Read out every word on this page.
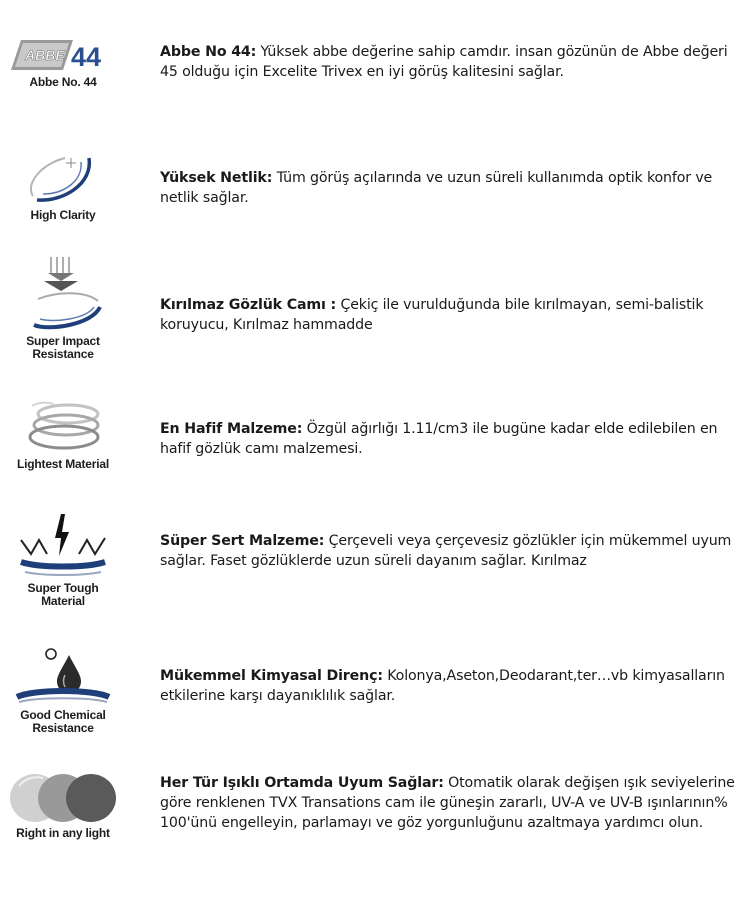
ABBE 44
Abbe No. 44
Abbe No 44: Yüksek abbe değerine sahip camdır. insan gözünün de Abbe değeri 45 olduğu için Excelite Trivex en iyi görüş kalitesini sağlar.
High Clarity
Yüksek Netlik: Tüm görüş açılarında ve uzun süreli kullanımda optik konfor ve netlik sağlar.
Super Impact
Resistance
Kırılmaz Gözlük Camı : Çekiç ile vurulduğunda bile kırılmayan, semi-balistik koruyucu, Kırılmaz hammadde
Lightest Material
En Hafif Malzeme: Özgül ağırlığı 1.11/cm3 ile bugüne kadar elde edilebilen en hafif gözlük camı malzemesi.
Super Tough
Material
Süper Sert Malzeme: Çerçeveli veya çerçevesiz gözlükler için mükemmel uyum sağlar. Faset gözlüklerde uzun süreli dayanım sağlar. Kırılmaz
Good Chemical
Resistance
Mükemmel Kimyasal Direnç: Kolonya,Aseton,Deodarant,ter…vb kimyasalların etkilerine karşı dayanıklılık sağlar.
Right in any light
Her Tür Işıklı Ortamda Uyum Sağlar: Otomatik olarak değişen ışık seviyelerine göre renklenen TVX Transations cam ile güneşin zararlı, UV-A ve UV-B ışınlarının% 100'ünü engelleyin, parlamayı ve göz yorgunluğunu azaltmaya yardımcı olun.
